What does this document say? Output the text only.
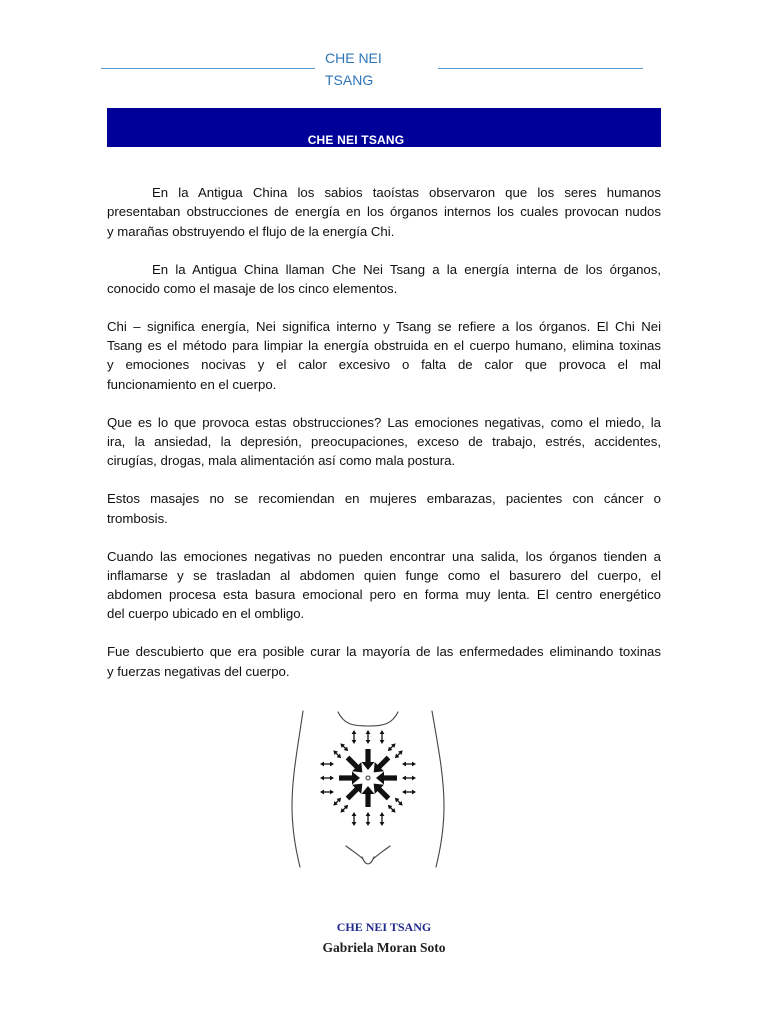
CHE NEI TSANG
CHE NEI TSANG

En la Antigua China los sabios taoístas observaron que los seres humanos
presentaban obstrucciones de energía en los órganos internos los cuales provocan nudos
y marañas obstruyendo el flujo de la energía Chi.

En la Antigua China llaman Che Nei Tsang a la energía interna de los órganos,
conocido como el masaje de los cinco elementos.

Chi – significa energía, Nei significa interno y Tsang se refiere a los órganos. El Chi Nei
Tsang es el método para limpiar la energía obstruida en el cuerpo humano, elimina toxinas
y emociones nocivas y el calor excesivo o falta de calor que provoca el mal
funcionamiento en el cuerpo.

Que es lo que provoca estas obstrucciones? Las emociones negativas, como el miedo, la
ira, la ansiedad, la depresión, preocupaciones, exceso de trabajo, estrés, accidentes,
cirugías, drogas, mala alimentación así como mala postura.

Estos masajes no se recomiendan en mujeres embarazas, pacientes con cáncer o
trombosis.

Cuando las emociones negativas no pueden encontrar una salida, los órganos tienden a
inflamarse y se trasladan al abdomen quien funge como el basurero del cuerpo, el
abdomen procesa esta basura emocional pero en forma muy lenta. El centro energético
del cuerpo ubicado en el ombligo.

Fue descubierto que era posible curar la mayoría de las enfermedades eliminando toxinas
y fuerzas negativas del cuerpo.

CHE NEI TSANG
Gabriela Moran Soto
